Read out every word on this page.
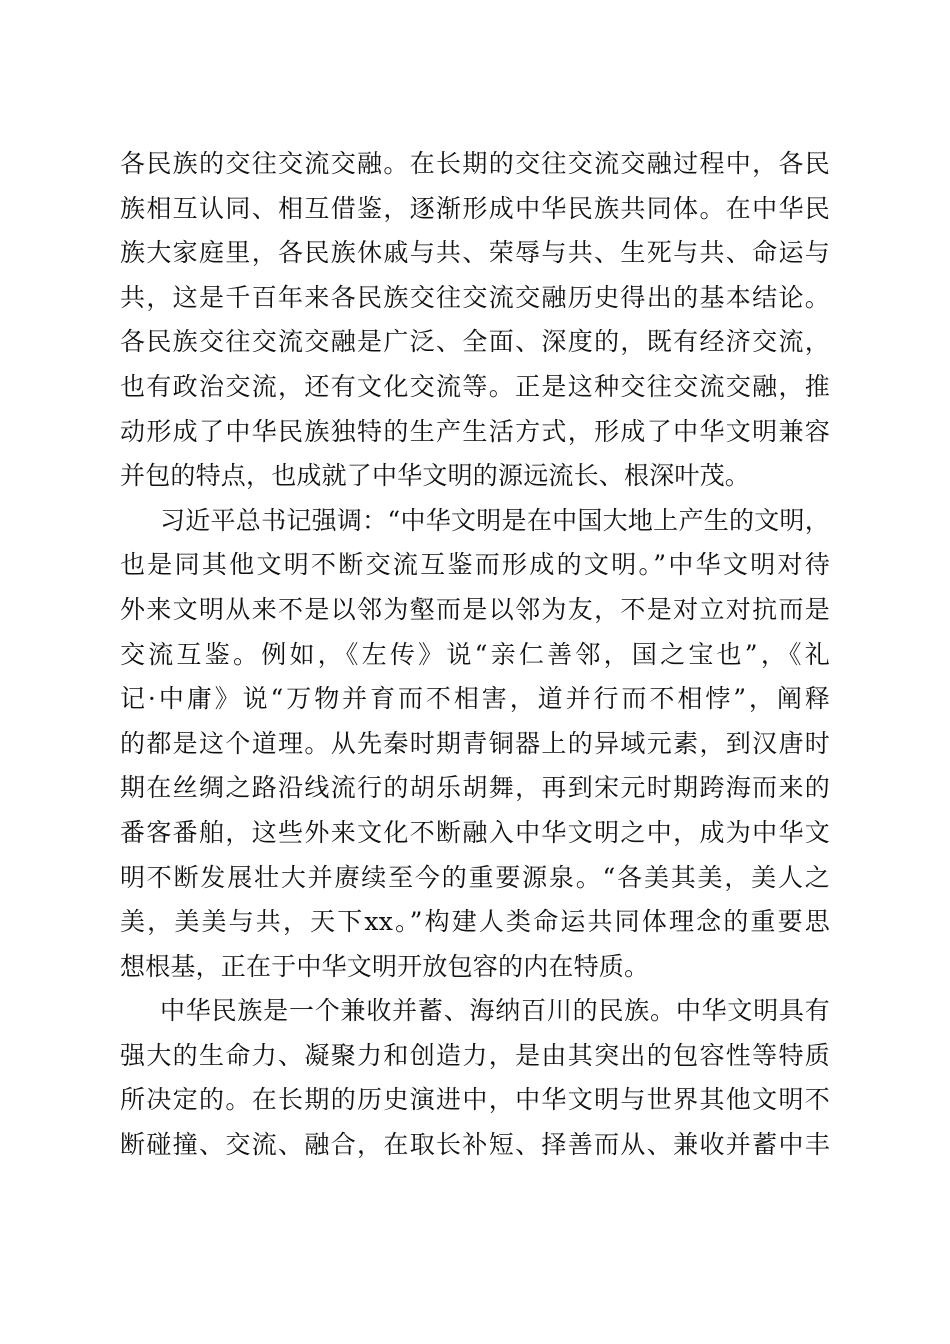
各民族的交往交流交融。在长期的交往交流交融过程中，各民
族相互认同、相互借鉴，逐渐形成中华民族共同体。在中华民
族大家庭里，各民族休戚与共、荣辱与共、生死与共、命运与
共，这是千百年来各民族交往交流交融历史得出的基本结论。
各民族交往交流交融是广泛、全面、深度的，既有经济交流，
也有政治交流，还有文化交流等。正是这种交往交流交融，推
动形成了中华民族独特的生产生活方式，形成了中华文明兼容
并包的特点，也成就了中华文明的源远流长、根深叶茂。
习近平总书记强调：“中华文明是在中国大地上产生的文明，
也是同其他文明不断交流互鉴而形成的文明。”中华文明对待
外来文明从来不是以邻为壑而是以邻为友，不是对立对抗而是
交流互鉴。例如，《左传》说“亲仁善邻，国之宝也”，《礼
记·中庸》说“万物并育而不相害，道并行而不相悖”，阐释
的都是这个道理。从先秦时期青铜器上的异域元素，到汉唐时
期在丝绸之路沿线流行的胡乐胡舞，再到宋元时期跨海而来的
番客番舶，这些外来文化不断融入中华文明之中，成为中华文
明不断发展壮大并赓续至今的重要源泉。“各美其美，美人之
美，美美与共，天下xx。”构建人类命运共同体理念的重要思
想根基，正在于中华文明开放包容的内在特质。
中华民族是一个兼收并蓄、海纳百川的民族。中华文明具有
强大的生命力、凝聚力和创造力，是由其突出的包容性等特质
所决定的。在长期的历史演进中，中华文明与世界其他文明不
断碰撞、交流、融合，在取长补短、择善而从、兼收并蓄中丰
